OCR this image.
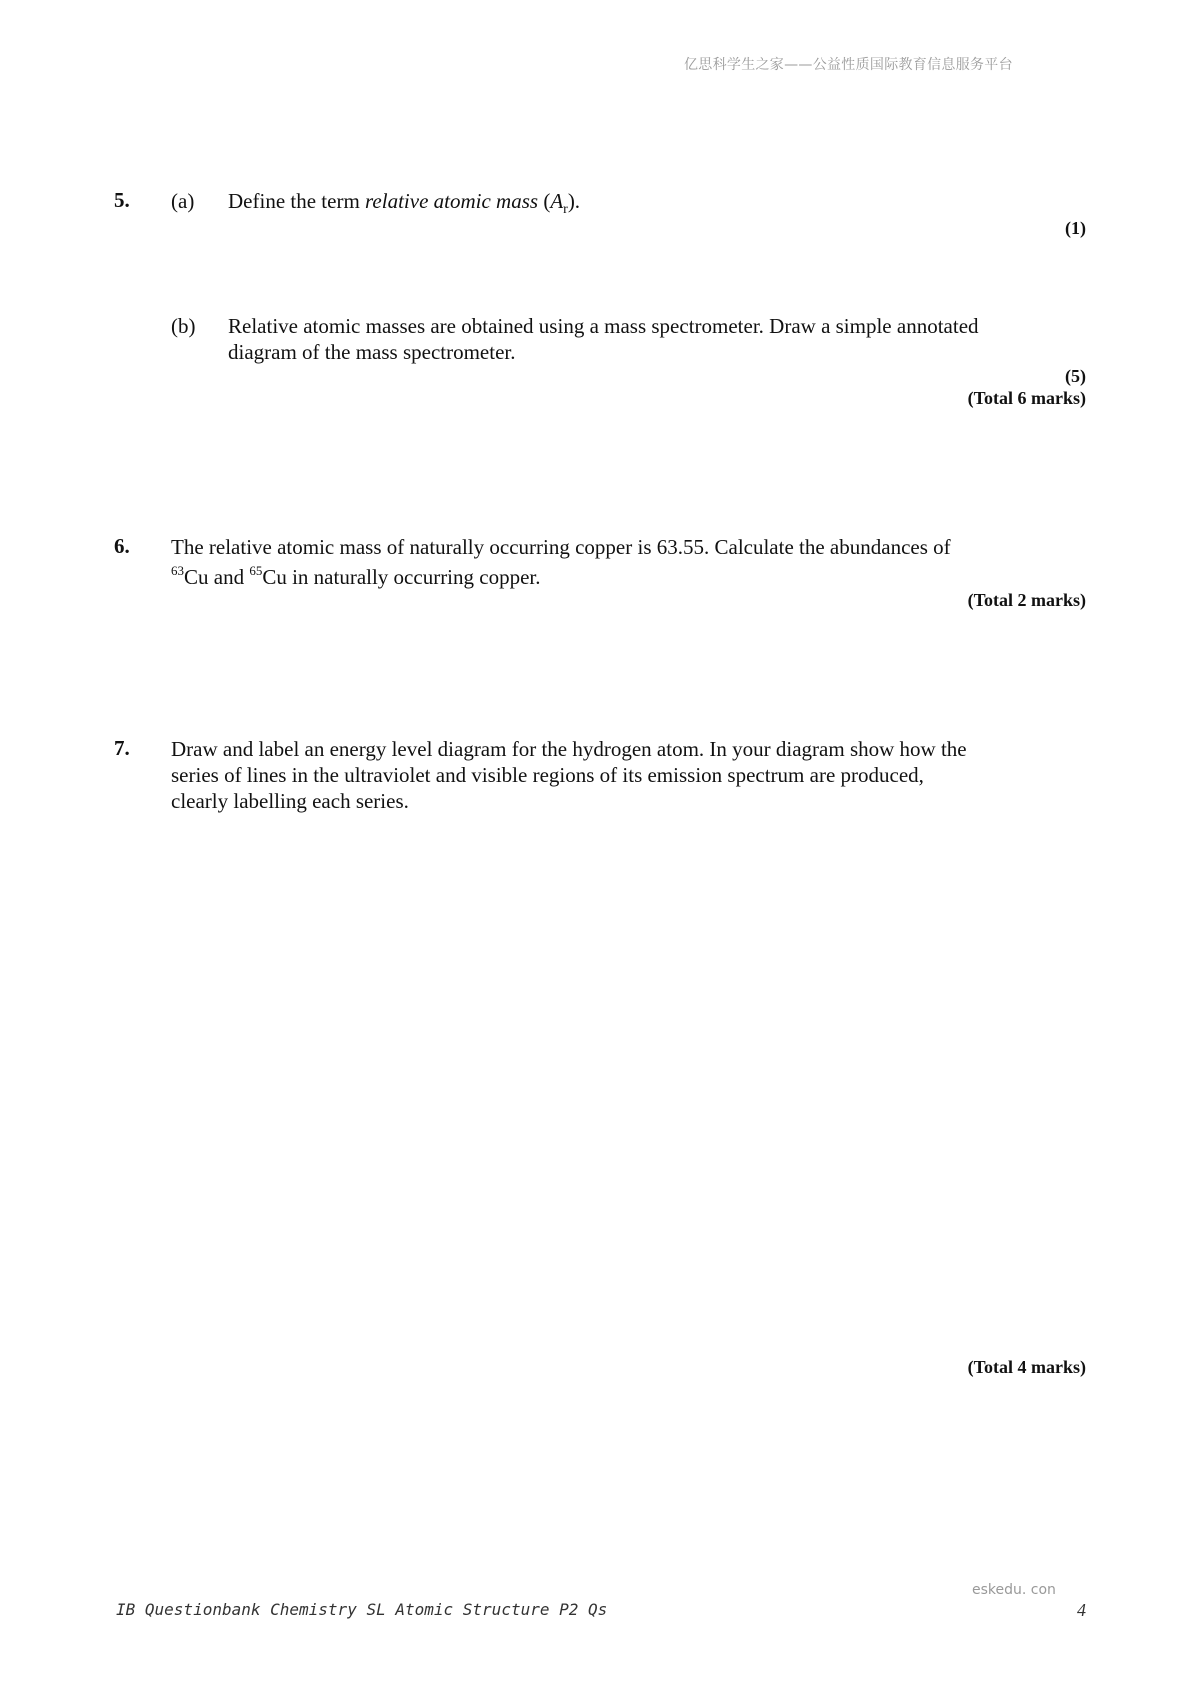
亿思科学生之家——公益性质国际教育信息服务平台
5. (a) Define the term relative atomic mass $(A_r)$.
(1)
(b) Relative atomic masses are obtained using a mass spectrometer. Draw a simple annotated
diagram of the mass spectrometer.
(5)
(Total 6 marks)
6. The relative atomic mass of naturally occurring copper is 63.55. Calculate the abundances of
$^{63}$Cu and $^{65}$Cu in naturally occurring copper.
(Total 2 marks)
7. Draw and label an energy level diagram for the hydrogen atom. In your diagram show how the
series of lines in the ultraviolet and visible regions of its emission spectrum are produced,
clearly labelling each series.
(Total 4 marks)
eskedu. con
IB Questionbank Chemistry SL Atomic Structure P2 Qs	4
